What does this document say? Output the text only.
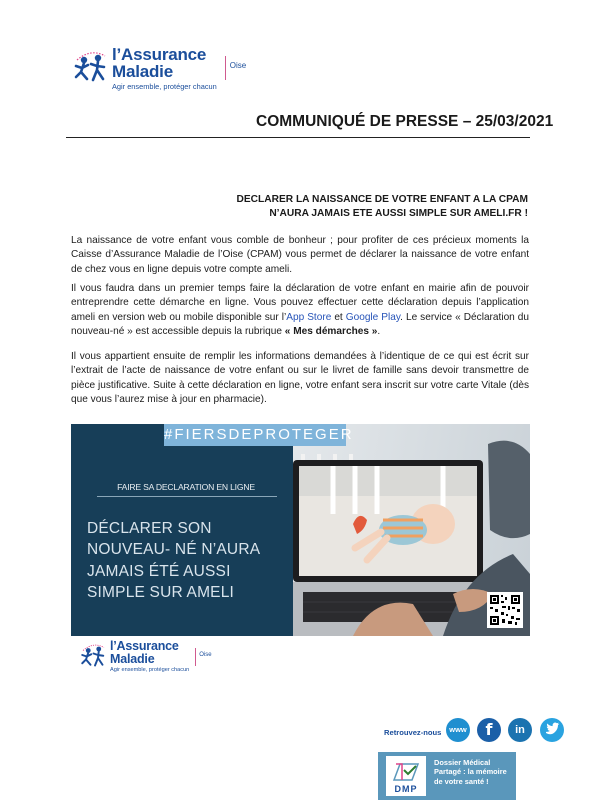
l’Assurance
Maladie
Agir ensemble, protéger chacun
Oise
COMMUNIQUÉ DE PRESSE – 25/03/2021
DECLARER LA NAISSANCE DE VOTRE ENFANT A LA CPAM
N’AURA JAMAIS ETE AUSSI SIMPLE SUR AMELI.FR !
La naissance de votre enfant vous comble de bonheur ; pour profiter de ces précieux moments la Caisse d’Assurance Maladie de l’Oise (CPAM) vous permet de déclarer la naissance de votre enfant de chez vous en ligne depuis votre compte ameli.
Il vous faudra dans un premier temps faire la déclaration de votre enfant en mairie afin de pouvoir entreprendre cette démarche en ligne. Vous pouvez effectuer cette déclaration depuis l’application ameli en version web ou mobile disponible sur l’App Store et Google Play. Le service « Déclaration du nouveau-né » est accessible depuis la rubrique « Mes démarches ».
Il vous appartient ensuite de remplir les informations demandées à l’identique de ce qui est écrit sur l’extrait de l’acte de naissance de votre enfant ou sur le livret de famille sans devoir transmettre de pièce justificative. Suite à cette déclaration en ligne, votre enfant sera inscrit sur votre carte Vitale (dès que vous l’aurez mise à jour en pharmacie).
#FIERSDEPROTEGER
FAIRE SA DECLARATION EN LIGNE
DÉCLARER SON
NOUVEAU- NÉ N’AURA
JAMAIS ÉTÉ AUSSI
SIMPLE SUR AMELI
l’Assurance
Maladie
Agir ensemble, protéger chacun
Oise
Retrouvez-nous	www	f	in
DMP
Dossier Médical
Partagé : la mémoire
de votre santé !
